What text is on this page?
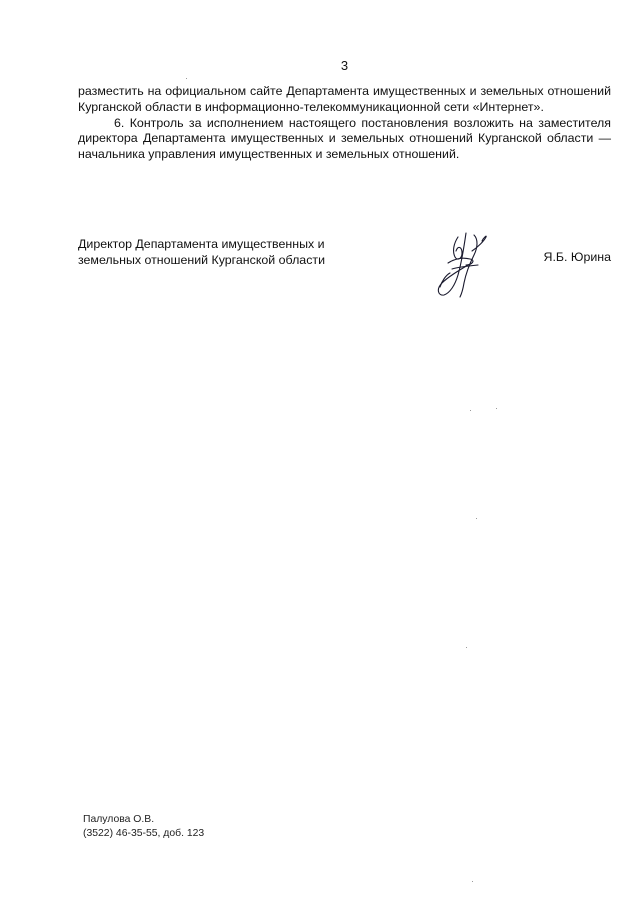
3

разместить на официальном сайте Департамента имущественных и земельных отношений Курганской области в информационно-телекоммуникационной сети «Интернет».

6. Контроль за исполнением настоящего постановления возложить на заместителя директора Департамента имущественных и земельных отношений Курганской области — начальника управления имущественных и земельных отношений.

Директор Департамента имущественных и
земельных отношений Курганской области	Я.Б. Юрина

Палулова О.В.
(3522) 46-35-55, доб. 123
